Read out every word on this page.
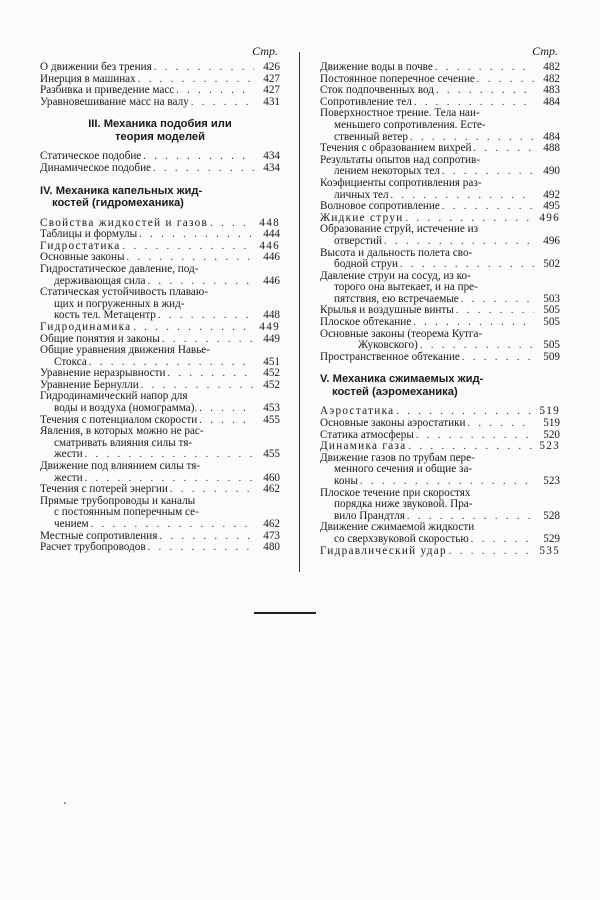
Стр.
О движении без трения . . .	426
Инерция в машинах . . .	427
Разбивка и приведение масс . . .	427
Уравновешивание масс на валу . . .	431
III. Механика подобия или
теория моделей
Статическое подобие . . .	434
Динамическое подобие . . .	434
IV. Механика капельных жид-
костей (гидромеханика)
Свойства жидкостей и газов . . .	448
Таблицы и формулы . . .	444
Гидростатика . . .	446
Основные законы . . .	446
Гидростатическое давление, под-
держивающая сила . . .	446
Статическая устойчивость плаваю-
щих и погруженных в жид-
кость тел. Метацентр . . .	448
Гидродинамика . . .	449
Общие понятия и законы . . .	449
Общие уравнения движения Навье-
Стокса . . .	451
Уравнение неразрывности . . .	452
Уравнение Бернулли . . .	452
Гидродинамический напор для
воды и воздуха (номограмма). . . .	453
Течения с потенциалом скорости . . .	455
Явления, в которых можно не рас-
сматривать влияния силы тя-
жести . . .	455
Движение под влиянием силы тя-
жести . . .	460
Течения с потерей энергии . . .	462
Прямые трубопроводы и каналы
с постоянным поперечным се-
чением . . .	462
Местные сопротивления . . .	473
Расчет трубопроводов . . .	480
Стр.
Движение воды в почве . . .	482
Постоянное поперечное сечение . . .	482
Сток подпочвенных вод . . .	483
Сопротивление тел . . .	484
Поверхностное трение. Тела наи-
меньшего сопротивления. Есте-
ственный ветер . . .	484
Течения с образованием вихрей . . .	488
Результаты опытов над сопротив-
лением некоторых тел . . .	490
Коэфициенты сопротивления раз-
личных тел . . .	492
Волновое сопротивление . . .	495
Жидкие струи . . .	496
Образование струй, истечение из
отверстий . . .	496
Высота и дальность полета сво-
бодной струи . . .	502
Давление струи на сосуд, из ко-
торого она вытекает, и на пре-
пятствия, ею встречаемые . . .	503
Крылья и воздушные винты . . .	505
Плоское обтекание . . .	505
Основные законы (теорема Кутга-
Жуковского) . . .	505
Пространственное обтекание . . .	509
V. Механика сжимаемых жид-
костей (аэромеханика)
Аэростатика . . .	519
Основные законы аэростатики . . .	519
Статика атмосферы . . .	520
Динамика газа . . .	523
Движение газов по трубам пере-
менного сечения и общие за-
коны . . .	523
Плоское течение при скоростях
порядка ниже звуковой. Пра-
вило Прандтля . . .	528
Движение сжимаемой жидкости
со сверхзвуковой скоростью . . .	529
Гидравлический удар . . .	535
